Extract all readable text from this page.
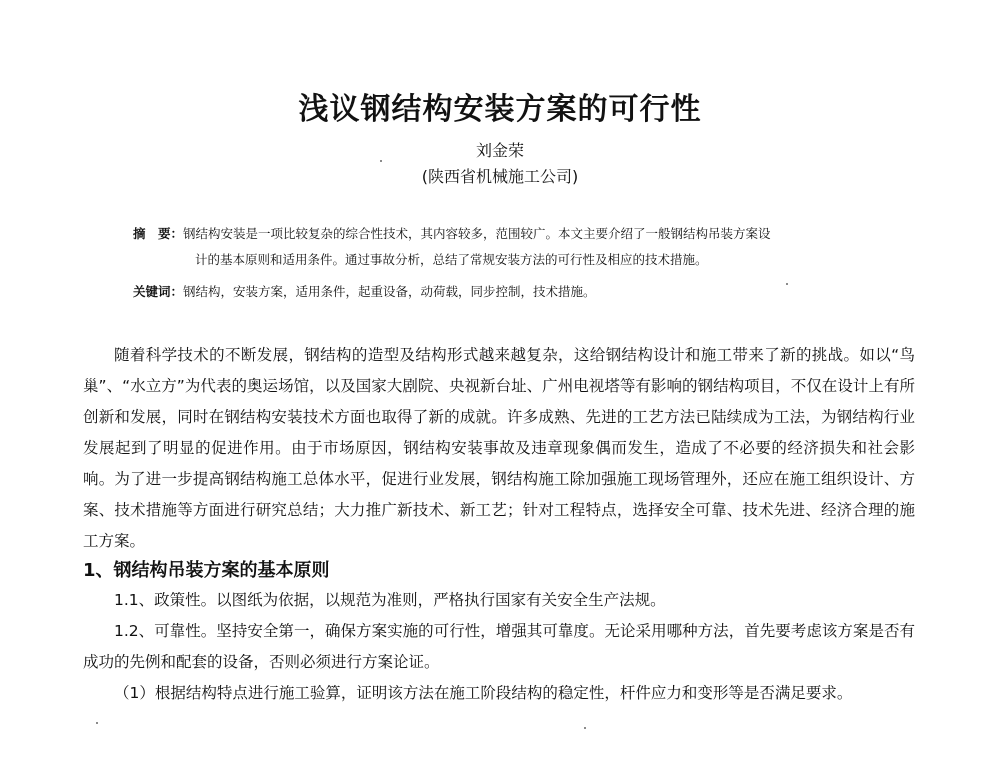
浅议钢结构安装方案的可行性
刘金荣
(陕西省机械施工公司)
摘　要：钢结构安装是一项比较复杂的综合性技术，其内容较多，范围较广。本文主要介绍了一般钢结构吊装方案设
计的基本原则和适用条件。通过事故分析，总结了常规安装方法的可行性及相应的技术措施。
关键词：钢结构，安装方案，适用条件，起重设备，动荷载，同步控制，技术措施。

随着科学技术的不断发展，钢结构的造型及结构形式越来越复杂，这给钢结构设计和施工带来了新的挑战。如以“鸟巢”、“水立方”为代表的奥运场馆，以及国家大剧院、央视新台址、广州电视塔等有影响的钢结构项目，不仅在设计上有所创新和发展，同时在钢结构安装技术方面也取得了新的成就。许多成熟、先进的工艺方法已陆续成为工法，为钢结构行业发展起到了明显的促进作用。由于市场原因，钢结构安装事故及违章现象偶而发生，造成了不必要的经济损失和社会影响。为了进一步提高钢结构施工总体水平，促进行业发展，钢结构施工除加强施工现场管理外，还应在施工组织设计、方案、技术措施等方面进行研究总结；大力推广新技术、新工艺；针对工程特点，选择安全可靠、技术先进、经济合理的施工方案。

1、钢结构吊装方案的基本原则

1.1、政策性。以图纸为依据，以规范为准则，严格执行国家有关安全生产法规。

1.2、可靠性。坚持安全第一，确保方案实施的可行性，增强其可靠度。无论采用哪种方法，首先要考虑该方案是否有成功的先例和配套的设备，否则必须进行方案论证。

（1）根据结构特点进行施工验算，证明该方法在施工阶段结构的稳定性，杆件应力和变形等是否满足要求。
